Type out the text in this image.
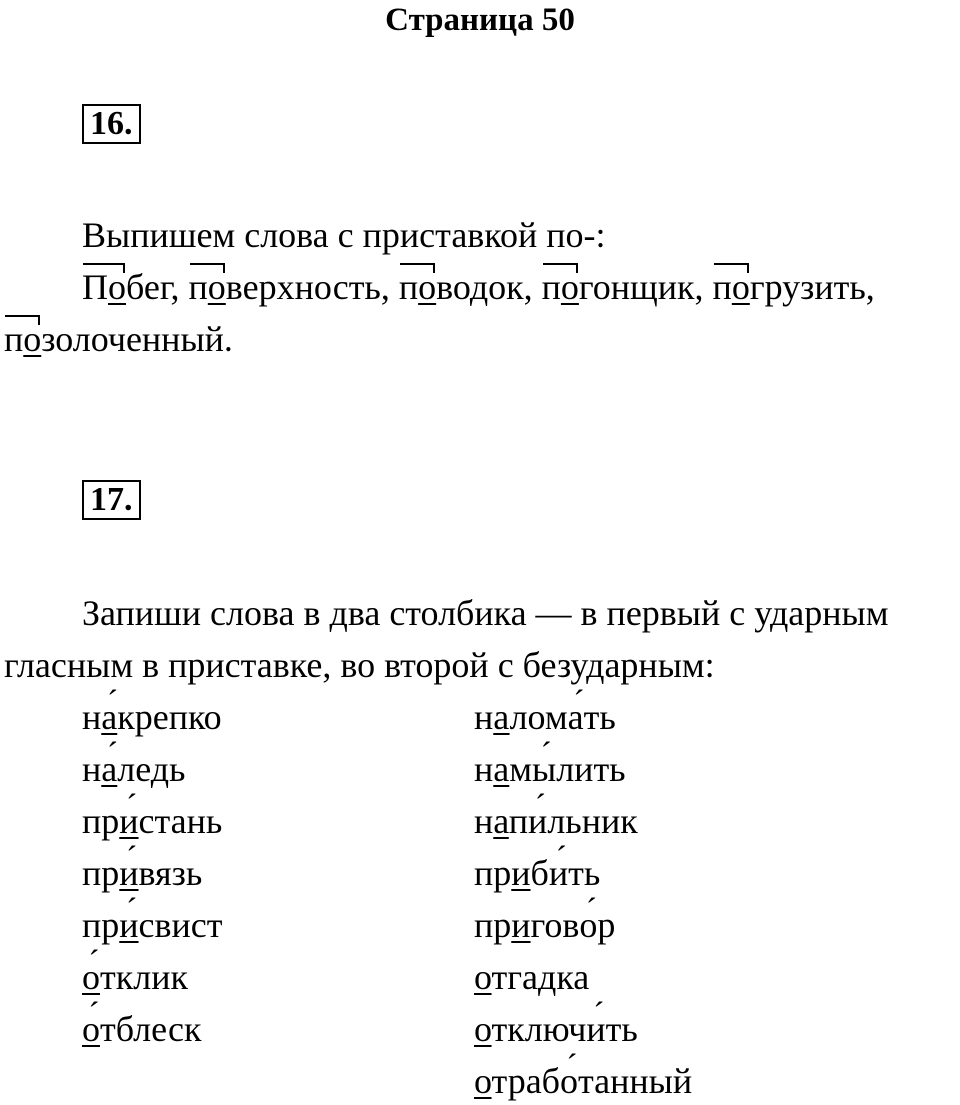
Страница 50
16.
Выпишем слова с приставкой по-:
Побег, поверхность, поводок, погонщик, погрузить,
позолоченный.
17.
Запиши слова в два столбика — в первый с ударным
гласным в приставке, во второй с безударным:
на ´крепко
на ´ледь
при ´стань
при ´вязь
при ´свист
о ´тклик
о ´тблеск
налома ´ть
намы ´лить
напи ´льник
приби ´ть
пригово ´р
отгадка
отключи ´ть
отрабо ´танный
